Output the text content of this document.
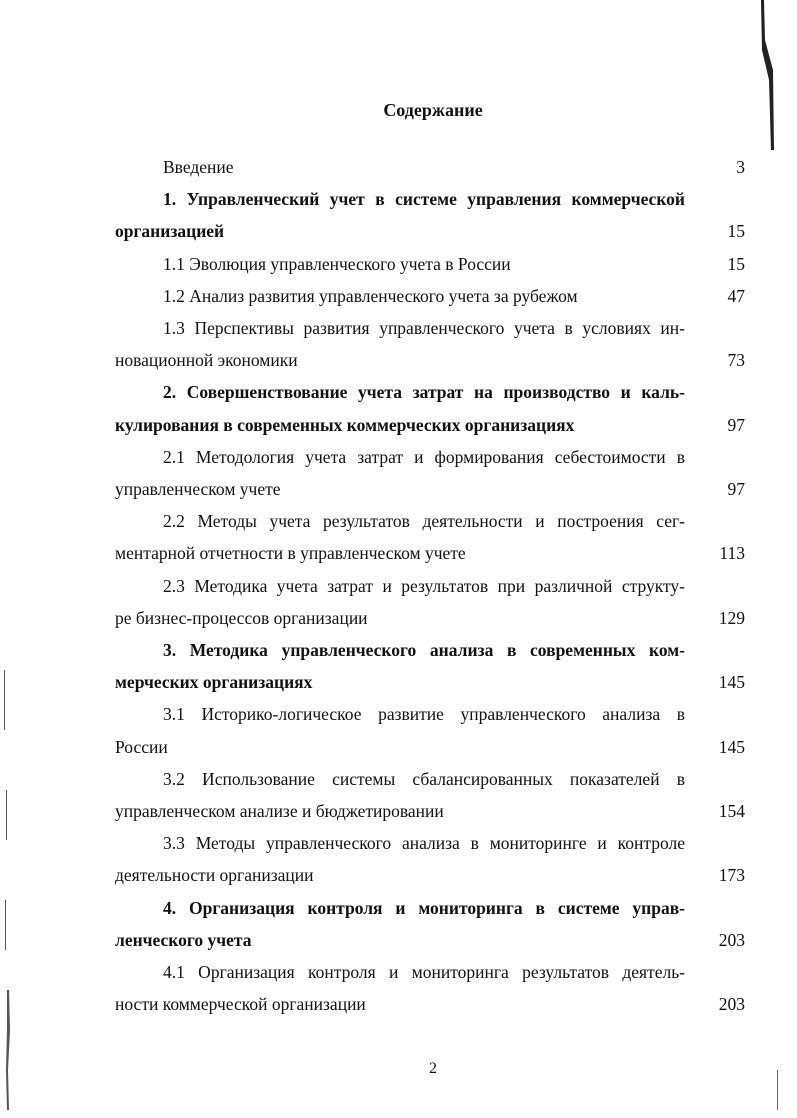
Содержание
Введение	3
1. Управленческий учет в системе управления коммерческой
организацией	15
1.1 Эволюция управленческого учета в России	15
1.2 Анализ развития управленческого учета за рубежом	47
1.3 Перспективы развития управленческого учета в условиях ин-
новационной экономики	73
2. Совершенствование учета затрат на производство и каль-
кулирования в современных коммерческих организациях	97
2.1 Методология учета затрат и формирования себестоимости в
управленческом учете	97
2.2 Методы учета результатов деятельности и построения сег-
ментарной отчетности в управленческом учете	113
2.3 Методика учета затрат и результатов при различной структу-
ре бизнес-процессов организации	129
3. Методика управленческого анализа в современных ком-
мерческих организациях	145
3.1 Историко-логическое развитие управленческого анализа в
России	145
3.2 Использование системы сбалансированных показателей в
управленческом анализе и бюджетировании	154
3.3 Методы управленческого анализа в мониторинге и контроле
деятельности организации	173
4. Организация контроля и мониторинга в системе управ-
ленческого учета	203
4.1 Организация контроля и мониторинга результатов деятель-
ности коммерческой организации	203
2
